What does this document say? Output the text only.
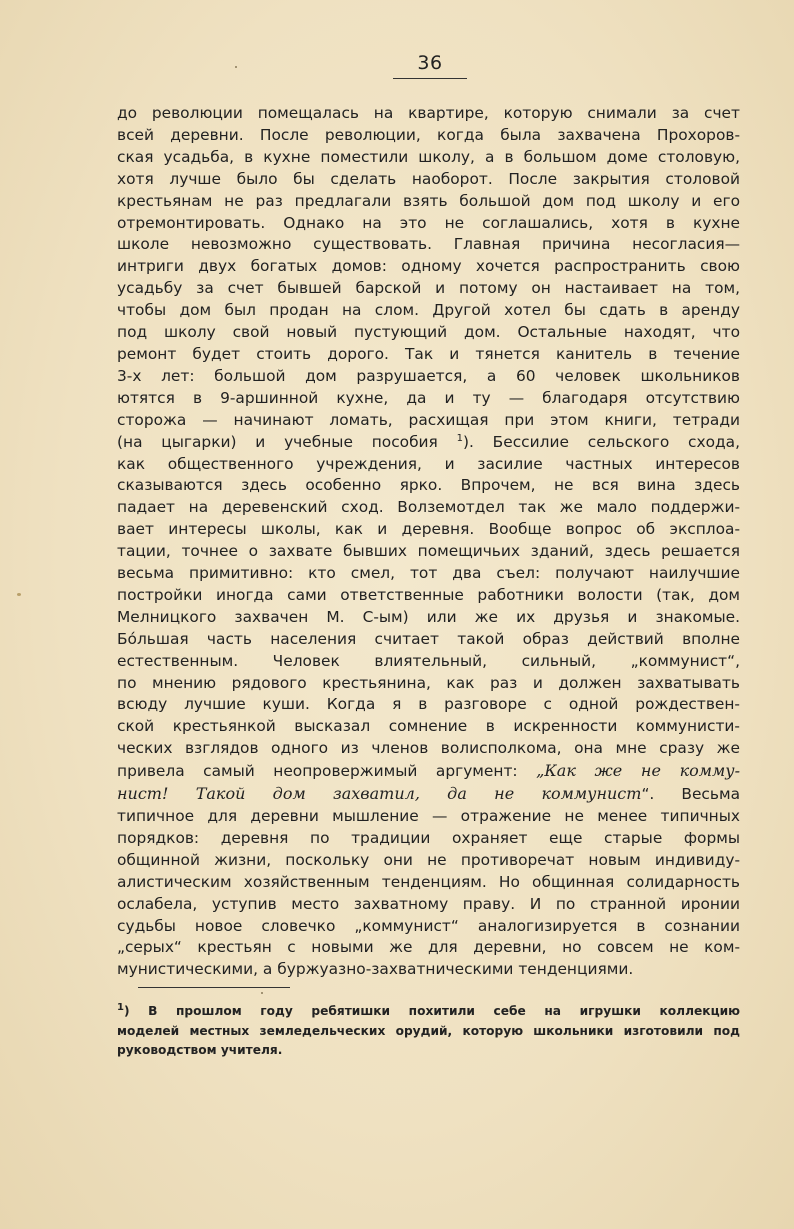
36
до революции помещалась на квартире, которую снимали за счет
всей деревни. После революции, когда была захвачена Прохоров-
ская усадьба, в кухне поместили школу, а в большом доме столовую,
хотя лучше было бы сделать наоборот. После закрытия столовой
крестьянам не раз предлагали взять большой дом под школу и его
отремонтировать. Однако на это не соглашались, хотя в кухне
школе невозможно существовать. Главная причина несогласия—
интриги двух богатых домов: одному хочется распространить свою
усадьбу за счет бывшей барской и потому он настаивает на том,
чтобы дом был продан на слом. Другой хотел бы сдать в аренду
под школу свой новый пустующий дом. Остальные находят, что
ремонт будет стоить дорого. Так и тянется канитель в течение
3-х лет: большой дом разрушается, а 60 человек школьников
ютятся в 9-аршинной кухне, да и ту — благодаря отсутствию
сторожа — начинают ломать, расхищая при этом книги, тетради
(на цыгарки) и учебные пособия $^1$). Бессилие сельского схода,
как общественного учреждения, и засилие частных интересов
сказываются здесь особенно ярко. Впрочем, не вся вина здесь
падает на деревенский сход. Волземотдел так же мало поддержи-
вает интересы школы, как и деревня. Вообще вопрос об эксплоа-
тации, точнее о захвате бывших помещичьих зданий, здесь решается
весьма примитивно: кто смел, тот два съел: получают наилучшие
постройки иногда сами ответственные работники волости (так, дом
Мелницкого захвачен М. С-ым) или же их друзья и знакомые.
Бóльшая часть населения считает такой образ действий вполне
естественным. Человек влиятельный, сильный, „коммунист“,
по мнению рядового крестьянина, как раз и должен захватывать
всюду лучшие куши. Когда я в разговоре с одной рождествен-
ской крестьянкой высказал сомнение в искренности коммунисти-
ческих взглядов одного из членов волисполкома, она мне сразу же
привела самый неопровержимый аргумент: „Как же не комму-
нист! Такой дом захватил, да не коммунист“. Весьма
типичное для деревни мышление — отражение не менее типичных
порядков: деревня по традиции охраняет еще старые формы
общинной жизни, поскольку они не противоречат новым индивиду-
алистическим хозяйственным тенденциям. Но общинная солидарность
ослабела, уступив место захватному праву. И по странной иронии
судьбы новое словечко „коммунист“ аналогизируется в сознании
„серых“ крестьян с новыми же для деревни, но совсем не ком-
мунистическими, а буржуазно-захватническими тенденциями.
$^1$) В прошлом году ребятишки похитили себе на игрушки коллекцию
моделей местных земледельческих орудий, которую школьники изготовили под
руководством учителя.
